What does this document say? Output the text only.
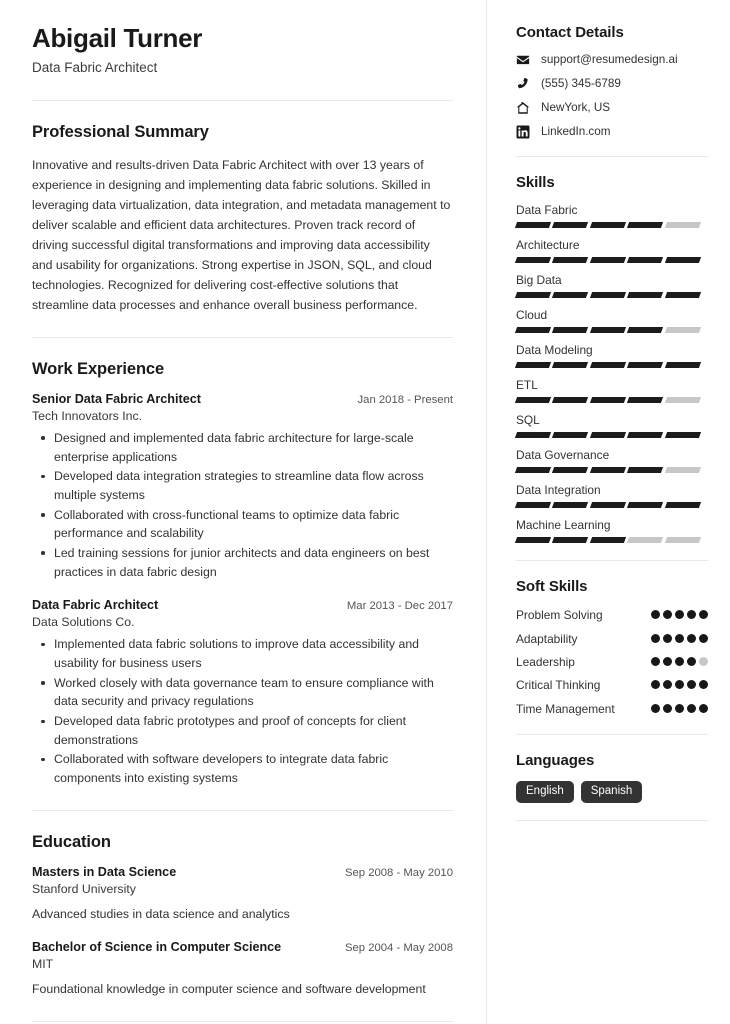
Abigail Turner
Data Fabric Architect
Professional Summary
Innovative and results-driven Data Fabric Architect with over 13 years of experience in designing and implementing data fabric solutions. Skilled in leveraging data virtualization, data integration, and metadata management to deliver scalable and efficient data architectures. Proven track record of driving successful digital transformations and improving data accessibility and usability for organizations. Strong expertise in JSON, SQL, and cloud technologies. Recognized for delivering cost-effective solutions that streamline data processes and enhance overall business performance.
Work Experience
Senior Data Fabric Architect	Jan 2018 - Present
Tech Innovators Inc.
Designed and implemented data fabric architecture for large-scale enterprise applications
Developed data integration strategies to streamline data flow across multiple systems
Collaborated with cross-functional teams to optimize data fabric performance and scalability
Led training sessions for junior architects and data engineers on best practices in data fabric design
Data Fabric Architect	Mar 2013 - Dec 2017
Data Solutions Co.
Implemented data fabric solutions to improve data accessibility and usability for business users
Worked closely with data governance team to ensure compliance with data security and privacy regulations
Developed data fabric prototypes and proof of concepts for client demonstrations
Collaborated with software developers to integrate data fabric components into existing systems
Education
Masters in Data Science	Sep 2008 - May 2010
Stanford University
Advanced studies in data science and analytics
Bachelor of Science in Computer Science	Sep 2004 - May 2008
MIT
Foundational knowledge in computer science and software development
Contact Details
support@resumedesign.ai
(555) 345-6789
NewYork, US
LinkedIn.com
Skills
Data Fabric
Architecture
Big Data
Cloud
Data Modeling
ETL
SQL
Data Governance
Data Integration
Machine Learning
Soft Skills
Problem Solving
Adaptability
Leadership
Critical Thinking
Time Management
Languages
English	Spanish
